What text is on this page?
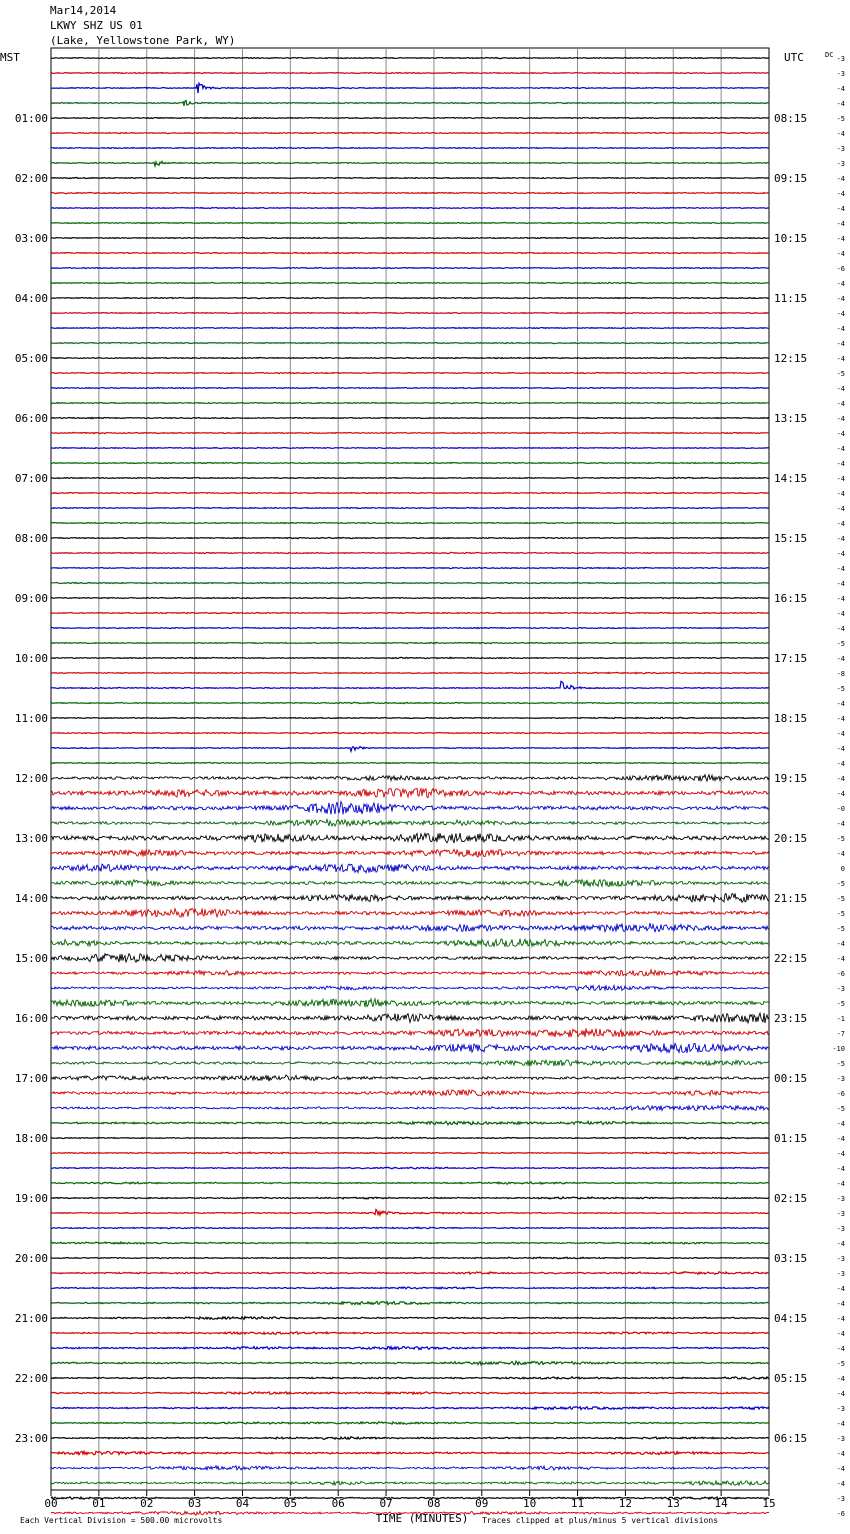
Mar14,2014
LKWY SHZ US 01
(Lake, Yellowstone Park, WY)
-3
-3
-4
-4
-5
-4
-3
-3
-4
-4
-4
-4
-4
-4
-6
-4
-4
-4
-4
-4
-4
-5
-4
-4
-4
-4
-4
-4
-4
-4
-4
-4
-4
-4
-4
-4
-4
-4
-4
-5
-4
-8
-5
-4
-4
-4
-4
-4
-4
-4
-0
-4
-5
-4
0
-5
-5
-5
-5
-4
-4
-6
-3
-5
-1
-7
-10
-5
-3
-6
-5
-4
-4
-4
-4
-4
-3
-3
-3
-4
-3
-3
-4
-4
-4
-4
-4
-5
-4
-4
-3
-4
-3
-4
-4
-4
-3
-6
MST	UTC	DC
01:00	08:15
02:00	09:15
03:00	10:15
04:00	11:15
05:00	12:15
06:00	13:15
07:00	14:15
08:00	15:15
09:00	16:15
10:00	17:15
11:00	18:15
12:00	19:15
13:00	20:15
14:00	21:15
15:00	22:15
16:00	23:15
17:00	00:15
18:00	01:15
19:00	02:15
20:00	03:15
21:00	04:15
22:00	05:15
23:00	06:15
00	01	02	03	04	05	06	07	08	09	10	11	12	13	14	15
TIME (MINUTES)
Each Vertical Division = 500.00 microvolts	Traces clipped at plus/minus 5 vertical divisions
